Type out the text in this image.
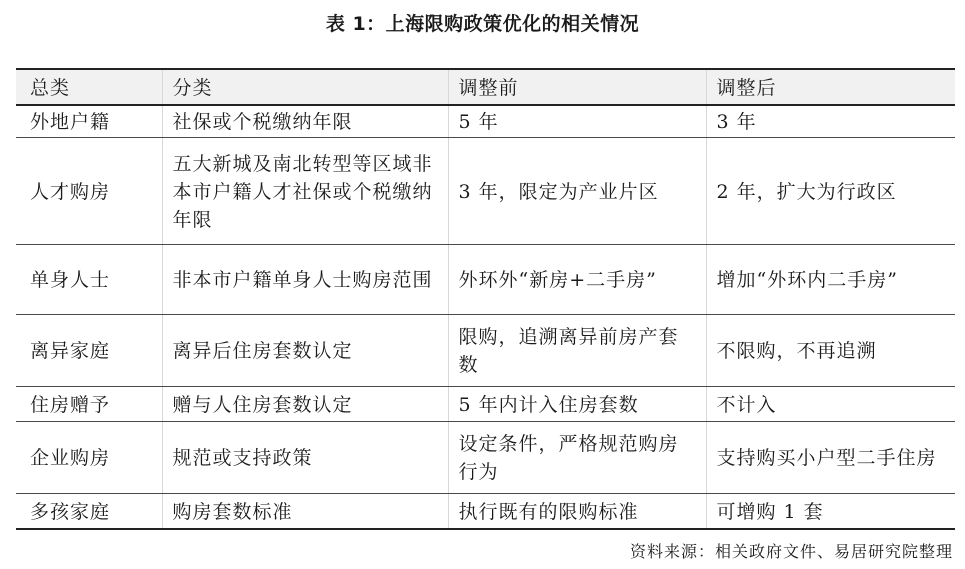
表 1：上海限购政策优化的相关情况
总类	分类	调整前	调整后
外地户籍	社保或个税缴纳年限	5 年	3 年
人才购房	五大新城及南北转型等区域非本市户籍人才社保或个税缴纳年限	3 年，限定为产业片区	2 年，扩大为行政区
单身人士	非本市户籍单身人士购房范围	外环外“新房+二手房”	增加“外环内二手房”
离异家庭	离异后住房套数认定	限购，追溯离异前房产套数	不限购，不再追溯
住房赠予	赠与人住房套数认定	5 年内计入住房套数	不计入
企业购房	规范或支持政策	设定条件，严格规范购房行为	支持购买小户型二手住房
多孩家庭	购房套数标准	执行既有的限购标准	可增购 1 套
资料来源：相关政府文件、易居研究院整理
